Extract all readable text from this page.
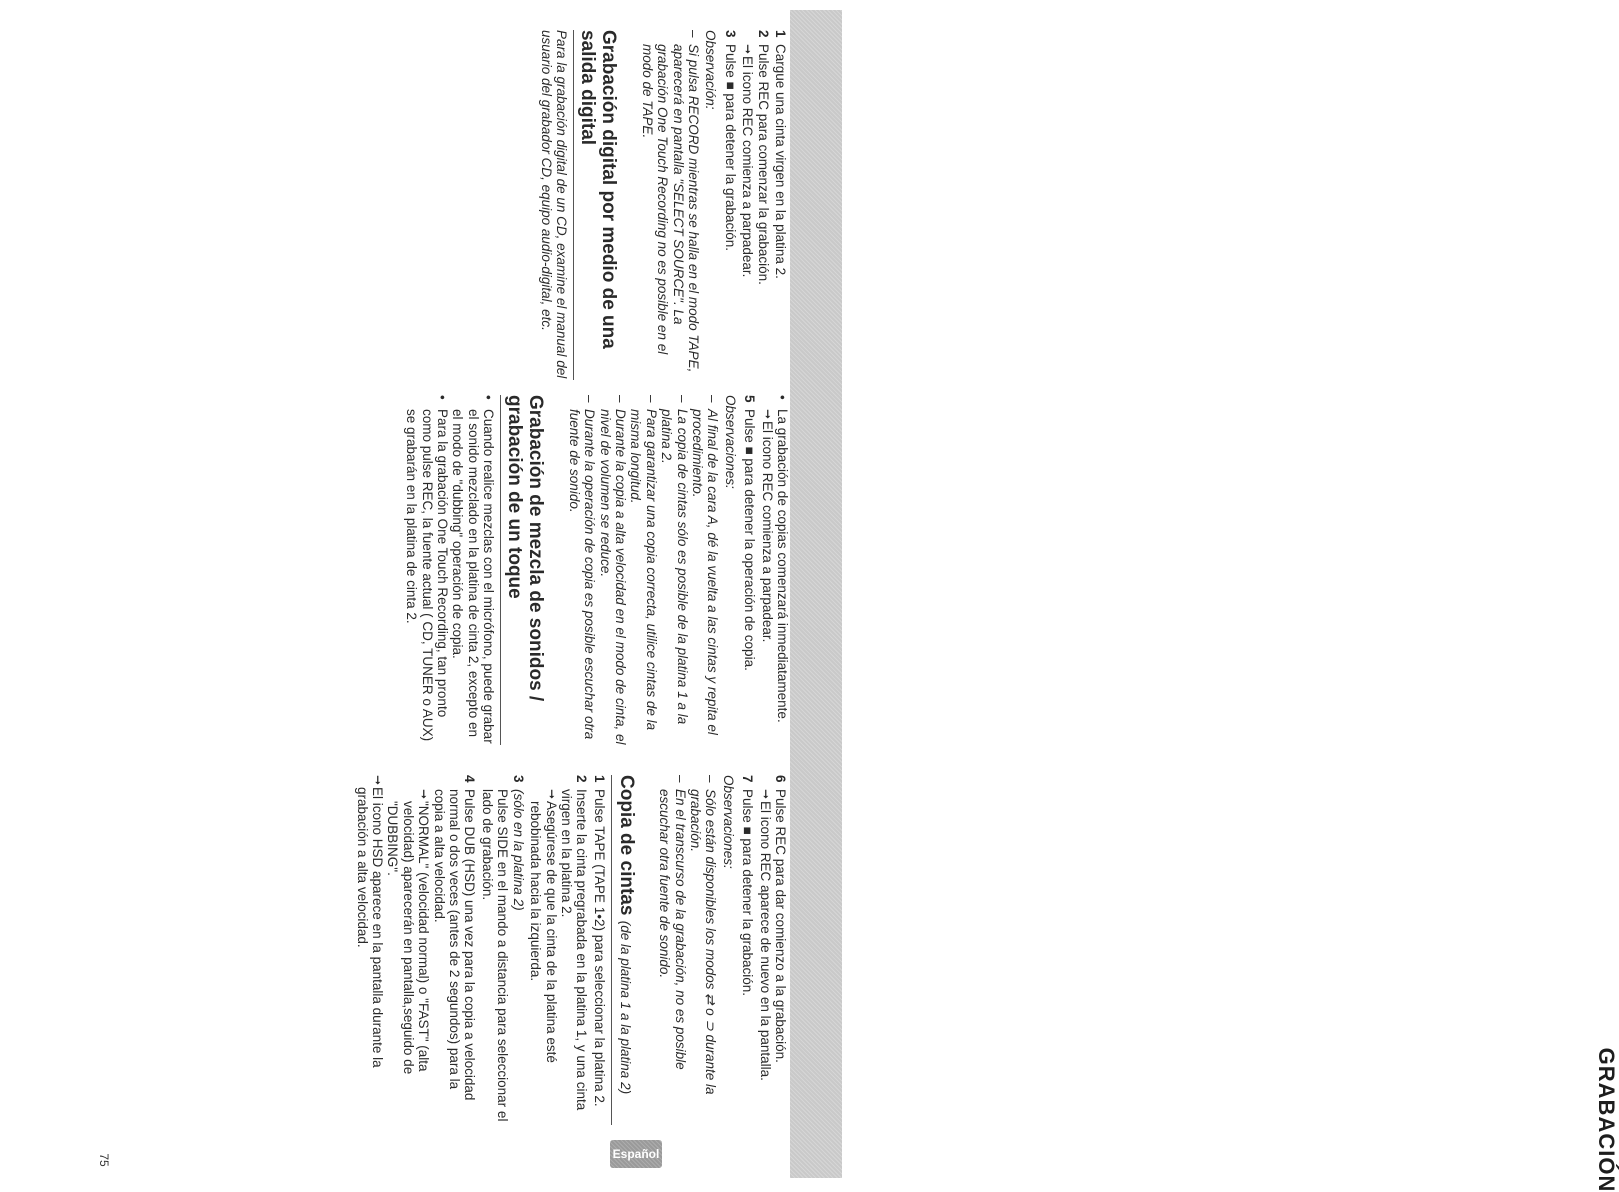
GRABACIÓN
Español
75
1
Cargue una cinta virgen en la platina 2.
2
Pulse REC para comenzar la grabación.
➞
El icono REC comienza a parpadear.
3
Pulse ■ para detener la grabación.

Observación:

–
Si pulsa RECORD mientras se halla en el modo TAPE, aparecerá en pantalla "SELECT SOURCE". La grabación One Touch Recording no es posible en el modo de TAPE.
Grabación digital por medio de una salida digital

Para la grabación digital de un CD, examine el manual del usuario del grabador CD, equipo audio-digital, etc.

•
La grabación de copias comenzará inmediatamente.
➞
El icono REC comienza a parpadear.
5
Pulse ■ para detener la operación de copia.

Observaciones:

–
Al final de la cara A, dé la vuelta a las cintas y repita el procedimiento.
–
La copia de cintas sólo es posible de la platina 1 a la platina 2.
–
Para garantizar una copia correcta, utilice cintas de la misma longitud.
–
Durante la copia a alta velocidad en el modo de cinta, el nivel de volumen se reduce.
–
Durante la operación de copia es posible escuchar otra fuente de sonido.
Grabación de mezcla de sonidos / grabación de un toque
•
Cuando realice mezclas con el micrófono, puede grabar el sonido mezclado en la platina de cinta 2, excepto en el modo de "dubbing" operación de copia.
•
Para la grabación One Touch Recording, tan pronto como pulse REC, la fuente actual ( CD, TUNER o AUX) se grabarán en la platina de cinta 2.
6
Pulse REC para dar comienzo a la grabación.
➞
El icono REC aparece de nuevo en la pantalla.
7
Pulse ■ para detener la grabación.

Observaciones:

–
Sólo están disponibles los modos ⇄ o ⊃ durante la grabación.
–
En el transcurso de la grabación, no es posible escuchar otra fuente de sonido.
Copia de cintas (de la platina 1 a la platina 2)
1
Pulse TAPE (TAPE 1•2) para seleccionar la platina 2.
2
Inserte la cinta pregrabada en la platina 1, y una cinta virgen en la platina 2.
➞
Asegúrese de que la cinta de la platina esté rebobinada hacia la izquierda.
3
(sólo en la platina 2)

Pulse SIDE en el mando a distancia para seleccionar el lado de grabación.

4
Pulse DUB (HSD) una vez para la copia a velocidad normal o dos veces (antes de 2 segundos) para la copia a alta velocidad.
➞
"NORMAL" (velocidad normal) o "FAST" (alta velocidad) aparecerán en pantalla,seguido de "DUBBING".
➞
El icono HSD aparece en la pantalla durante la grabación a alta velocidad.
